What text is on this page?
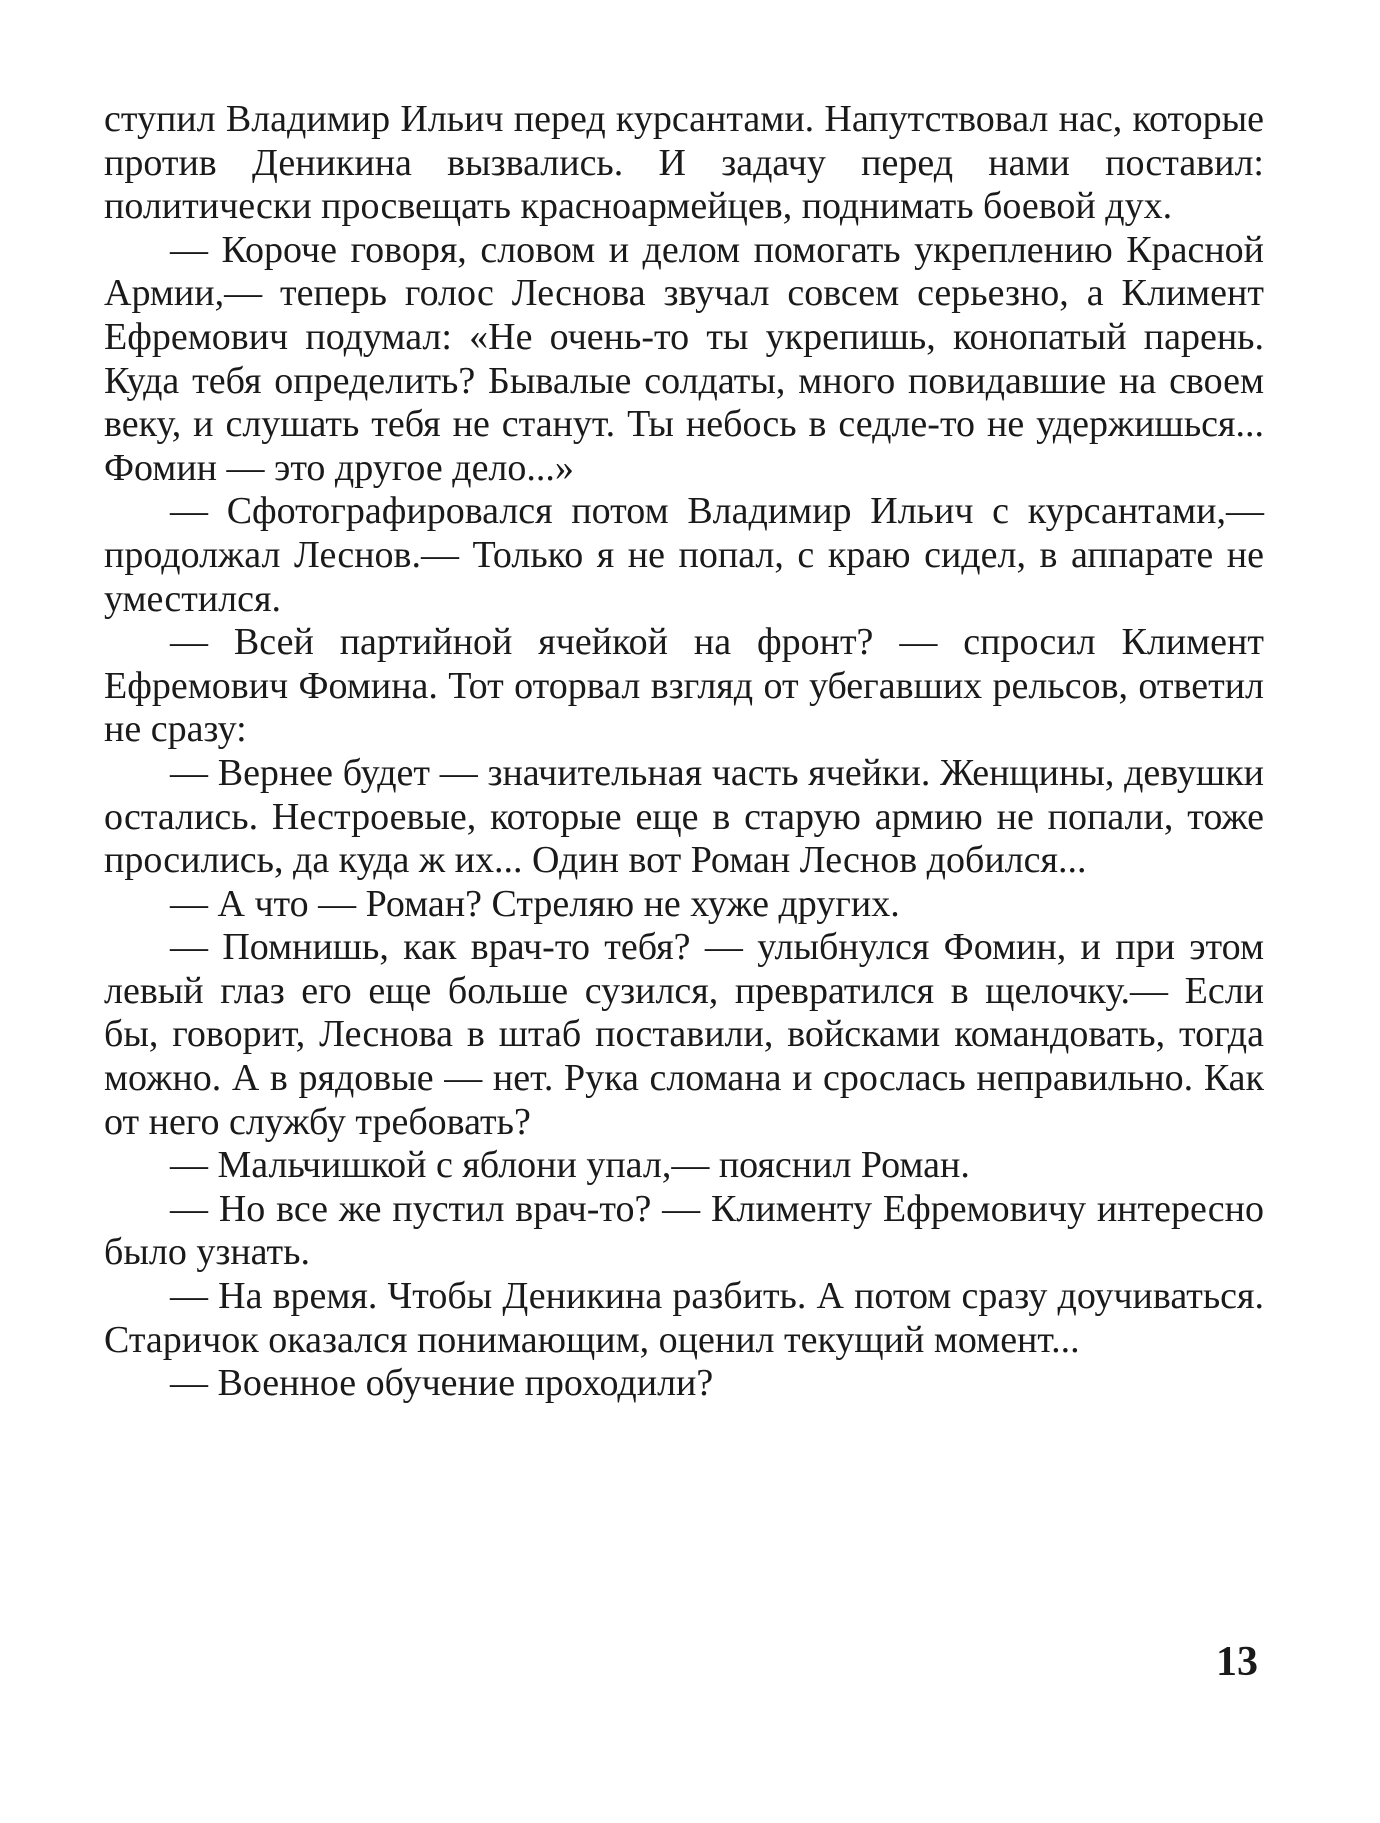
ступил Владимир Ильич перед курсантами. Напутствовал нас, которые против Деникина вызвались. И задачу перед нами поставил: политически просвещать красноармейцев, поднимать боевой дух.

— Короче говоря, словом и делом помогать укреплению Красной Армии,— теперь голос Леснова звучал совсем серьезно, а Климент Ефремович подумал: «Не очень-то ты укрепишь, конопатый парень. Куда тебя определить? Бывалые солдаты, много повидавшие на своем веку, и слушать тебя не станут. Ты небось в седле-то не удержишься... Фомин — это другое дело...»

— Сфотографировался потом Владимир Ильич с курсантами,— продолжал Леснов.— Только я не попал, с краю сидел, в аппарате не уместился.

— Всей партийной ячейкой на фронт? — спросил Климент Ефремович Фомина. Тот оторвал взгляд от убегавших рельсов, ответил не сразу:

— Вернее будет — значительная часть ячейки. Женщины, девушки остались. Нестроевые, которые еще в старую армию не попали, тоже просились, да куда ж их... Один вот Роман Леснов добился...

— А что — Роман? Стреляю не хуже других.

— Помнишь, как врач-то тебя? — улыбнулся Фомин, и при этом левый глаз его еще больше сузился, превратился в щелочку.— Если бы, говорит, Леснова в штаб поставили, войсками командовать, тогда можно. А в рядовые — нет. Рука сломана и срослась неправильно. Как от него службу требовать?

— Мальчишкой с яблони упал,— пояснил Роман.

— Но все же пустил врач-то? — Клименту Ефремовичу интересно было узнать.

— На время. Чтобы Деникина разбить. А потом сразу доучиваться. Старичок оказался понимающим, оценил текущий момент...

— Военное обучение проходили?

13
